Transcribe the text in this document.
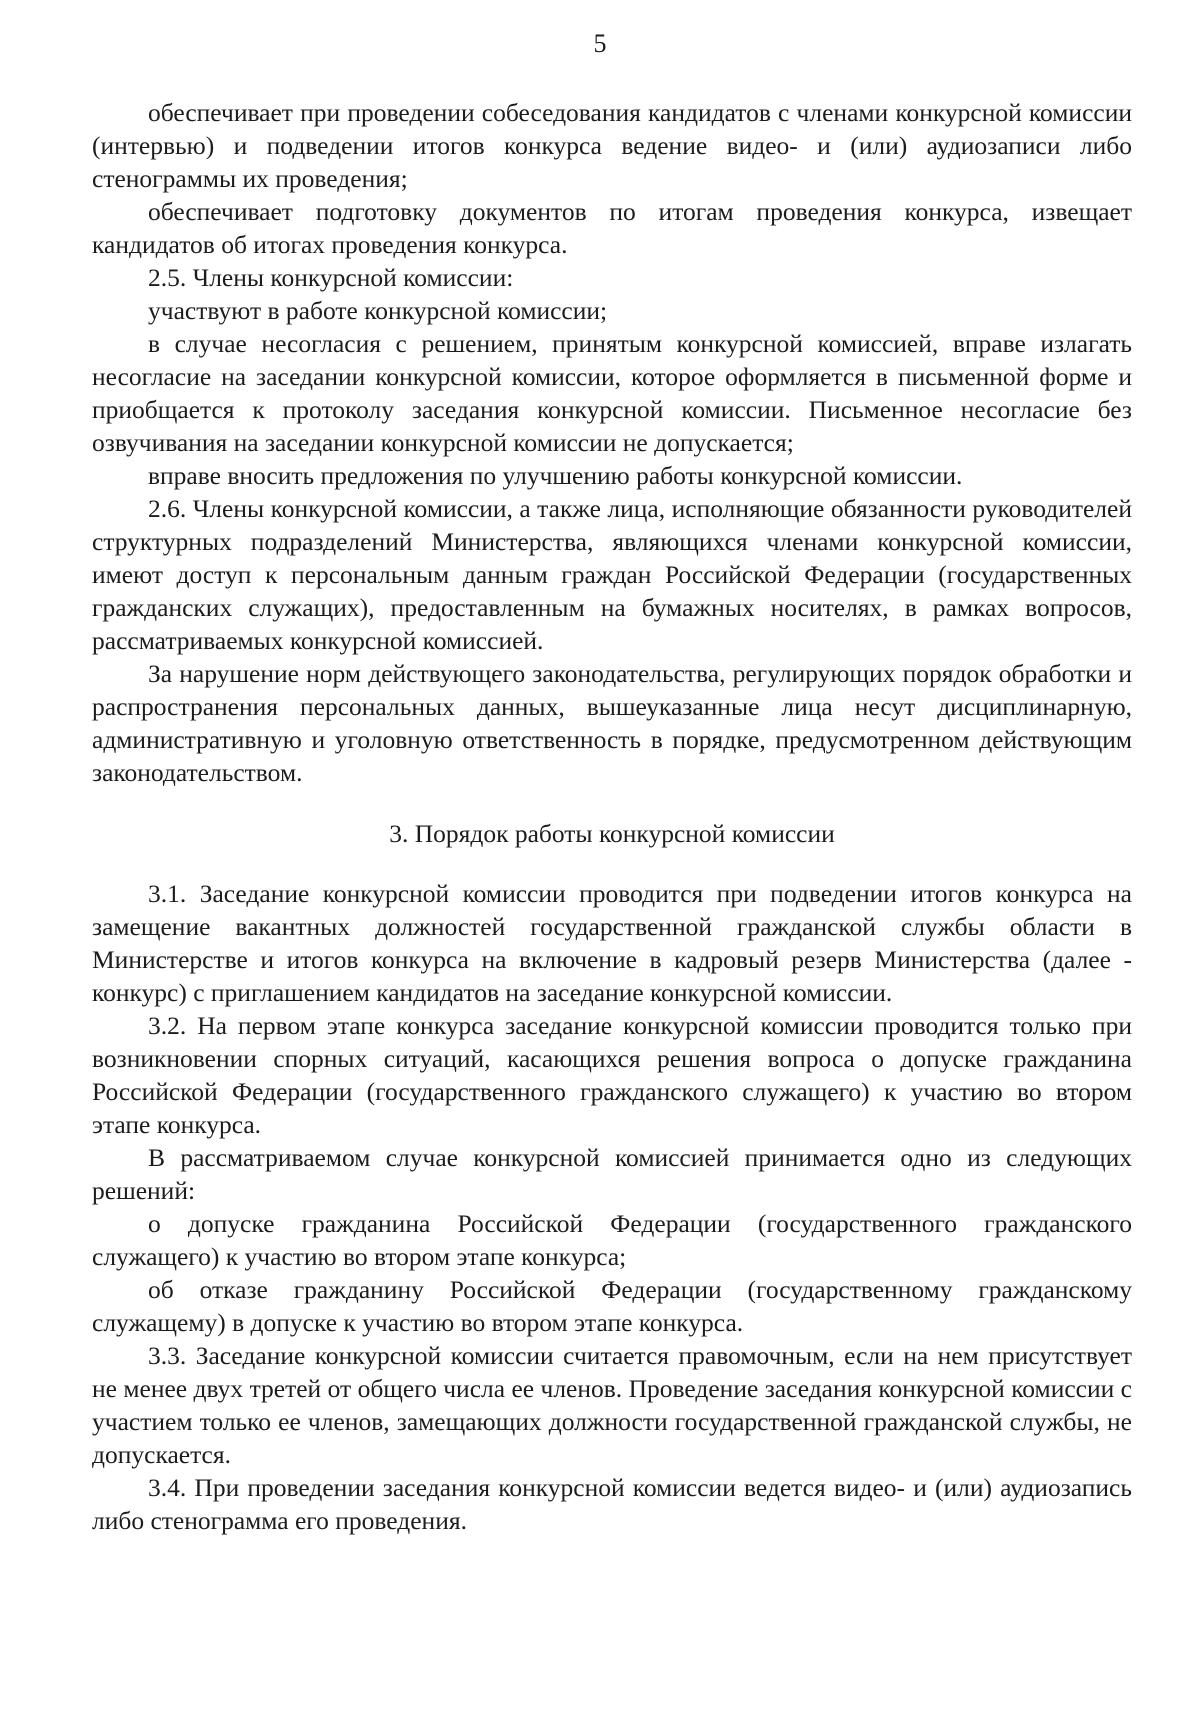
5

обеспечивает при проведении собеседования кандидатов с членами конкурсной комиссии (интервью) и подведении итогов конкурса ведение видео- и (или) аудиозаписи либо стенограммы их проведения;

обеспечивает подготовку документов по итогам проведения конкурса, извещает кандидатов об итогах проведения конкурса.

2.5. Члены конкурсной комиссии:

участвуют в работе конкурсной комиссии;

в случае несогласия с решением, принятым конкурсной комиссией, вправе излагать несогласие на заседании конкурсной комиссии, которое оформляется в письменной форме и приобщается к протоколу заседания конкурсной комиссии. Письменное несогласие без озвучивания на заседании конкурсной комиссии не допускается;

вправе вносить предложения по улучшению работы конкурсной комиссии.

2.6. Члены конкурсной комиссии, а также лица, исполняющие обязанности руководителей структурных подразделений Министерства, являющихся членами конкурсной комиссии, имеют доступ к персональным данным граждан Российской Федерации (государственных гражданских служащих), предоставленным на бумажных носителях, в рамках вопросов, рассматриваемых конкурсной комиссией.

За нарушение норм действующего законодательства, регулирующих порядок обработки и распространения персональных данных, вышеуказанные лица несут дисциплинарную, административную и уголовную ответственность в порядке, предусмотренном действующим законодательством.

3. Порядок работы конкурсной комиссии

3.1. Заседание конкурсной комиссии проводится при подведении итогов конкурса на замещение вакантных должностей государственной гражданской службы области в Министерстве и итогов конкурса на включение в кадровый резерв Министерства (далее - конкурс) с приглашением кандидатов на заседание конкурсной комиссии.

3.2. На первом этапе конкурса заседание конкурсной комиссии проводится только при возникновении спорных ситуаций, касающихся решения вопроса о допуске гражданина Российской Федерации (государственного гражданского служащего) к участию во втором этапе конкурса.

В рассматриваемом случае конкурсной комиссией принимается одно из следующих решений:

о допуске гражданина Российской Федерации (государственного гражданского служащего) к участию во втором этапе конкурса;

об отказе гражданину Российской Федерации (государственному гражданскому служащему) в допуске к участию во втором этапе конкурса.

3.3. Заседание конкурсной комиссии считается правомочным, если на нем присутствует не менее двух третей от общего числа ее членов. Проведение заседания конкурсной комиссии с участием только ее членов, замещающих должности государственной гражданской службы, не допускается.

3.4. При проведении заседания конкурсной комиссии ведется видео- и (или) аудиозапись либо стенограмма его проведения.
